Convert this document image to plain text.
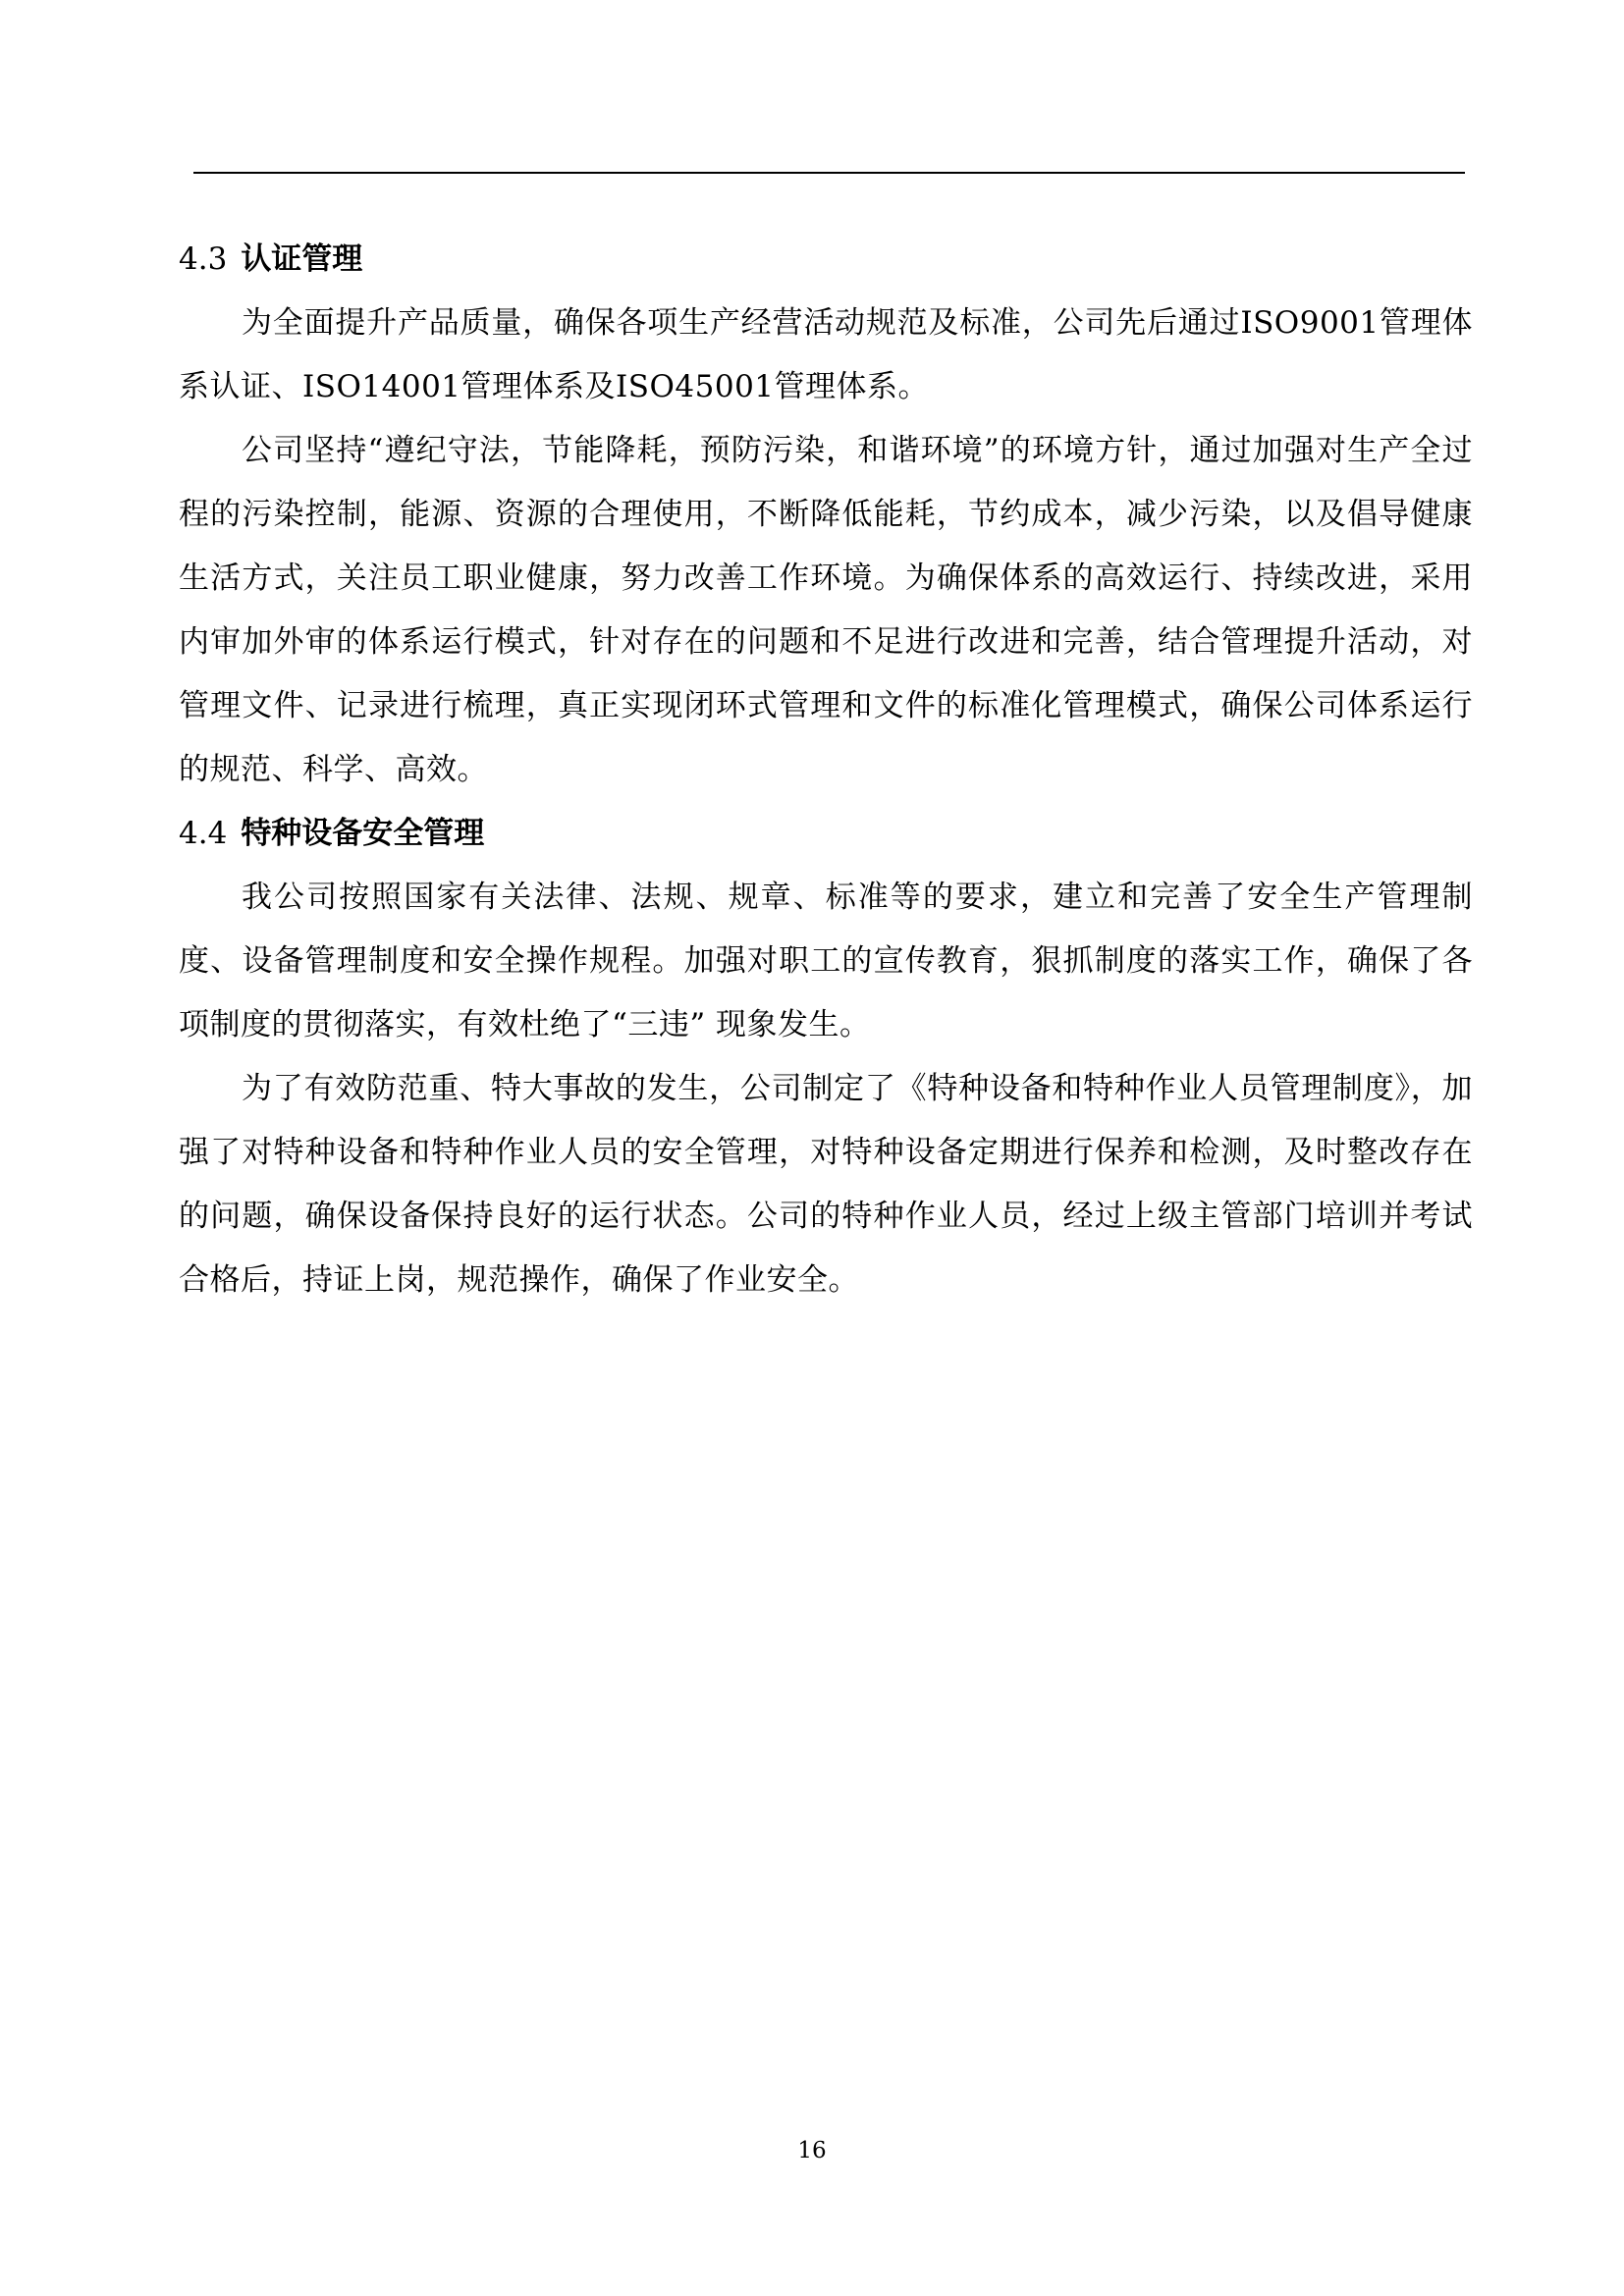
4.3 认证管理

为全面提升产品质量，确保各项生产经营活动规范及标准，公司先后通过ISO9001管理体系认证、ISO14001管理体系及ISO45001管理体系。

公司坚持“遵纪守法，节能降耗，预防污染，和谐环境”的环境方针，通过加强对生产全过程的污染控制，能源、资源的合理使用，不断降低能耗，节约成本，减少污染，以及倡导健康生活方式，关注员工职业健康，努力改善工作环境。为确保体系的高效运行、持续改进，采用内审加外审的体系运行模式，针对存在的问题和不足进行改进和完善，结合管理提升活动，对管理文件、记录进行梳理，真正实现闭环式管理和文件的标准化管理模式，确保公司体系运行的规范、科学、高效。

4.4 特种设备安全管理

我公司按照国家有关法律、法规、规章、标准等的要求，建立和完善了安全生产管理制度、设备管理制度和安全操作规程。加强对职工的宣传教育，狠抓制度的落实工作，确保了各项制度的贯彻落实，有效杜绝了“三违” 现象发生。

为了有效防范重、特大事故的发生，公司制定了《特种设备和特种作业人员管理制度》，加强了对特种设备和特种作业人员的安全管理，对特种设备定期进行保养和检测，及时整改存在的问题，确保设备保持良好的运行状态。公司的特种作业人员，经过上级主管部门培训并考试合格后，持证上岗，规范操作，确保了作业安全。

16
